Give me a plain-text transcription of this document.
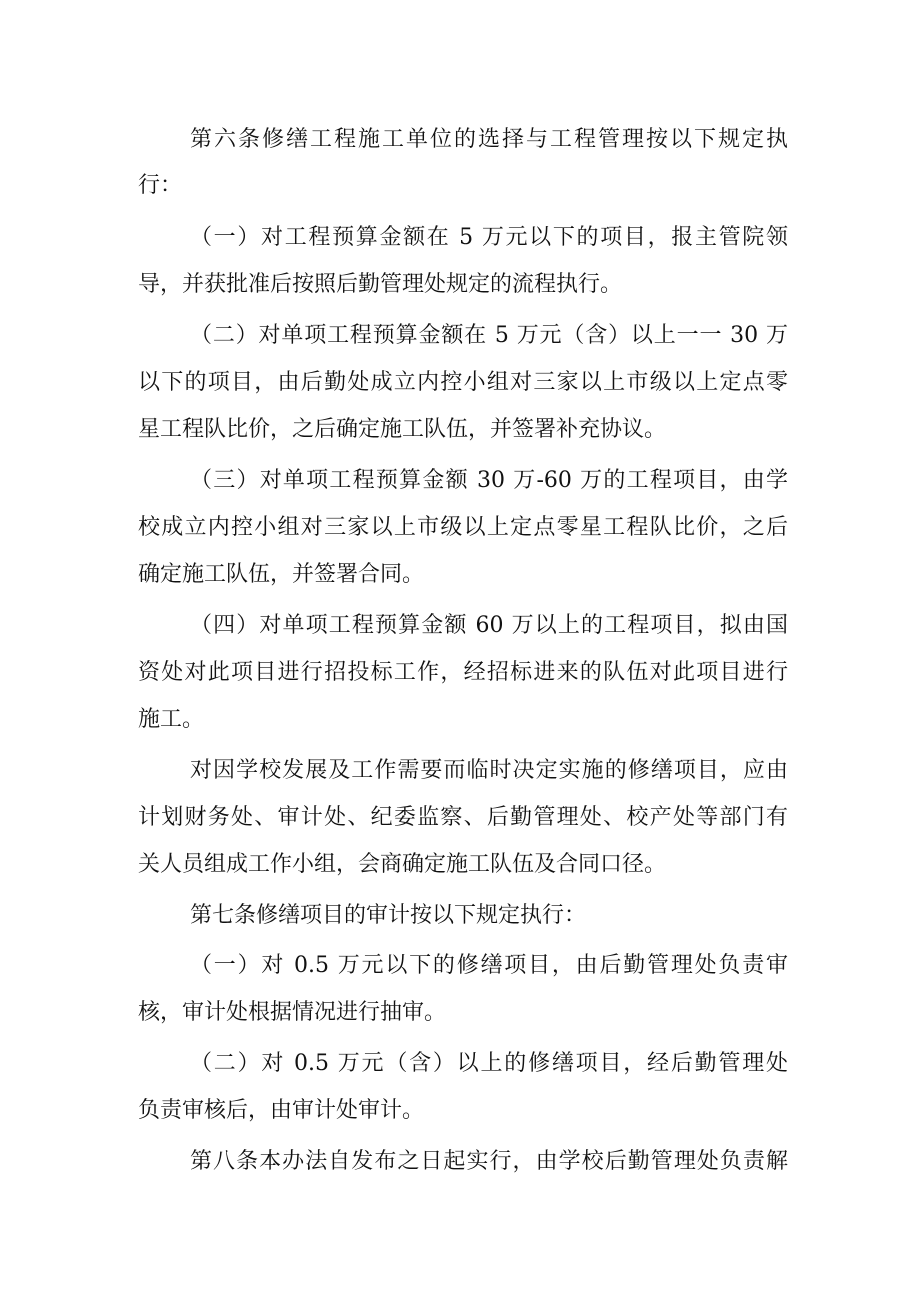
第六条修缮工程施工单位的选择与工程管理按以下规定执
行：
（一）对工程预算金额在 5 万元以下的项目，报主管院领
导，并获批准后按照后勤管理处规定的流程执行。
（二）对单项工程预算金额在 5 万元（含）以上一一 30 万
以下的项目，由后勤处成立内控小组对三家以上市级以上定点零
星工程队比价，之后确定施工队伍，并签署补充协议。
（三）对单项工程预算金额 30 万-60 万的工程项目，由学
校成立内控小组对三家以上市级以上定点零星工程队比价，之后
确定施工队伍，并签署合同。
（四）对单项工程预算金额 60 万以上的工程项目，拟由国
资处对此项目进行招投标工作，经招标进来的队伍对此项目进行
施工。
对因学校发展及工作需要而临时决定实施的修缮项目，应由
计划财务处、审计处、纪委监察、后勤管理处、校产处等部门有
关人员组成工作小组，会商确定施工队伍及合同口径。
第七条修缮项目的审计按以下规定执行：
（一）对 0.5 万元以下的修缮项目，由后勤管理处负责审
核，审计处根据情况进行抽审。
（二）对 0.5 万元（含）以上的修缮项目，经后勤管理处
负责审核后，由审计处审计。
第八条本办法自发布之日起实行，由学校后勤管理处负责解
